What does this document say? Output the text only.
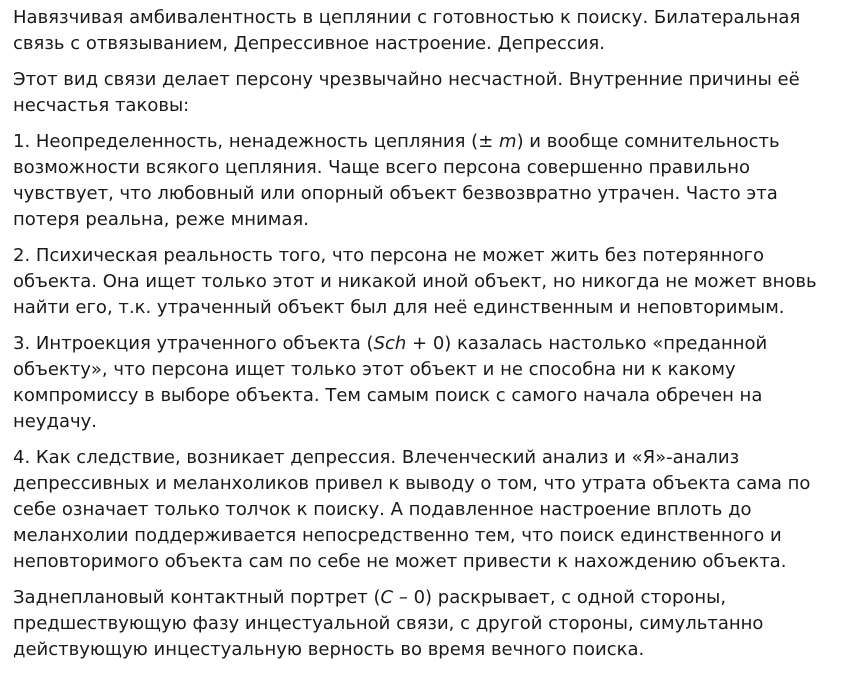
Навязчивая амбивалентность в цеплянии с готовностью к поиску. Билатеральная связь с отвязыванием, Депрессивное настроение. Депрессия.

Этот вид связи делает персону чрезвычайно несчастной. Внутренние причины её несчастья таковы:

1. Неопределенность, ненадежность цепляния (± m) и вообще сомнительность возможности всякого цепляния. Чаще всего персона совершенно правильно чувствует, что любовный или опорный объект безвозвратно утрачен. Часто эта потеря реальна, реже мнимая.

2. Психическая реальность того, что персона не может жить без потерянного объекта. Она ищет только этот и никакой иной объект, но никогда не может вновь найти его, т.к. утраченный объект был для неё единственным и неповторимым.

3. Интроекция утраченного объекта (Sch + 0) казалась настолько «преданной объекту», что персона ищет только этот объект и не способна ни к какому компромиссу в выборе объекта. Тем самым поиск с самого начала обречен на неудачу.

4. Как следствие, возникает депрессия. Влеченческий анализ и «Я»-анализ депрессивных и меланхоликов привел к выводу о том, что утрата объекта сама по себе означает только толчок к поиску. А подавленное настроение вплоть до меланхолии поддерживается непосредственно тем, что поиск единственного и неповторимого объекта сам по себе не может привести к нахождению объекта.

Заднеплановый контактный портрет (C – 0) раскрывает, с одной стороны, предшествующую фазу инцестуальной связи, с другой стороны, симультанно действующую инцестуальную верность во время вечного поиска.
